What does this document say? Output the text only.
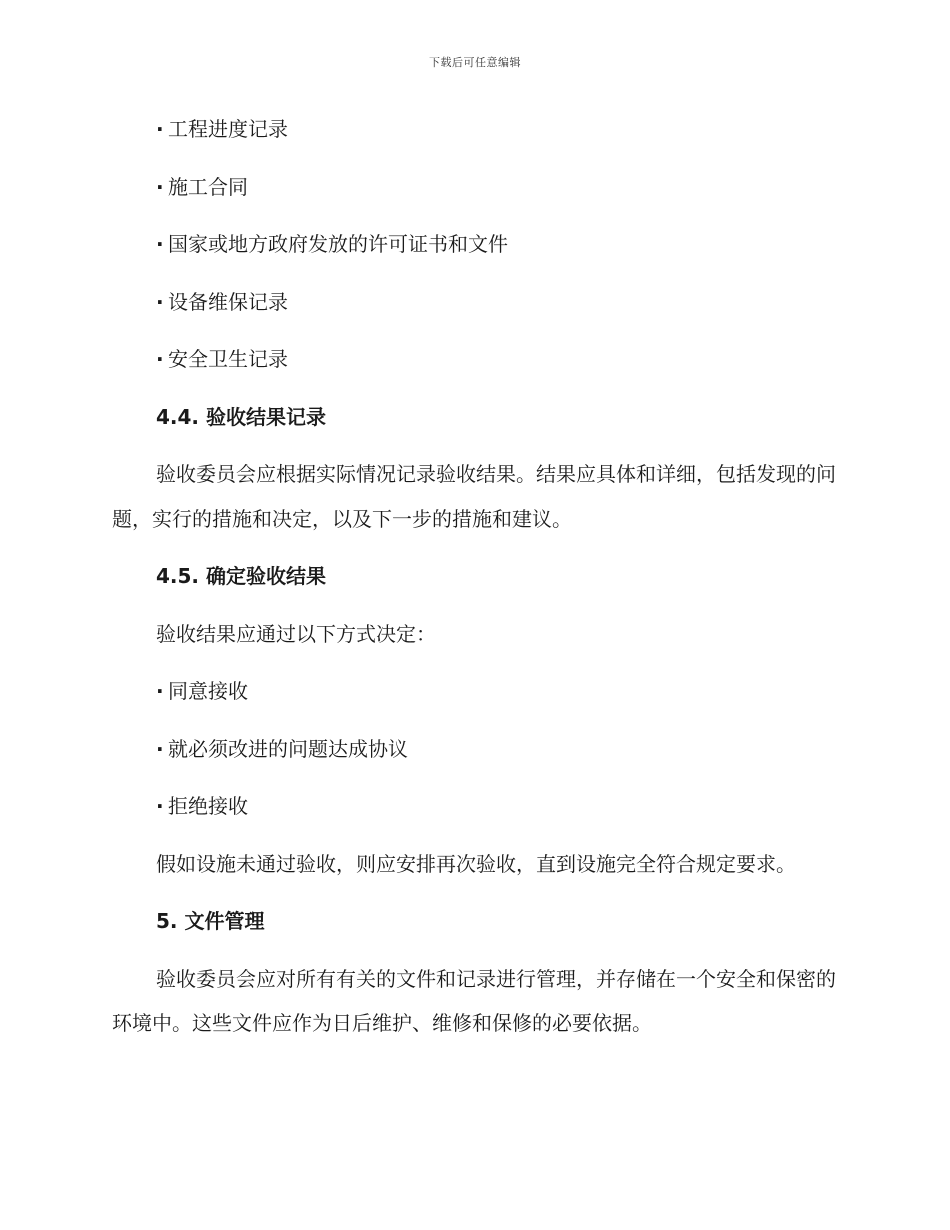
下载后可任意编辑
· 工程进度记录
· 施工合同
· 国家或地方政府发放的许可证书和文件
· 设备维保记录
· 安全卫生记录
4.4. 验收结果记录
验收委员会应根据实际情况记录验收结果。结果应具体和详细，包括发现的问题，实行的措施和决定，以及下一步的措施和建议。
4.5. 确定验收结果
验收结果应通过以下方式决定：
· 同意接收
· 就必须改进的问题达成协议
· 拒绝接收
假如设施未通过验收，则应安排再次验收，直到设施完全符合规定要求。
5. 文件管理
验收委员会应对所有有关的文件和记录进行管理，并存储在一个安全和保密的环境中。这些文件应作为日后维护、维修和保修的必要依据。
